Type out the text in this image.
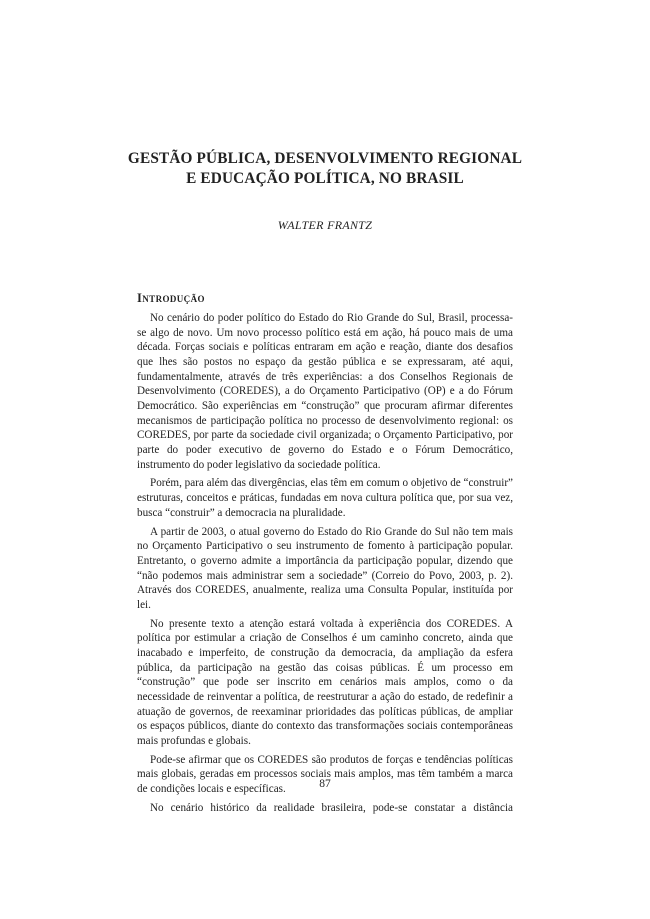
GESTÃO PÚBLICA, DESENVOLVIMENTO REGIONAL
E EDUCAÇÃO POLÍTICA, NO BRASIL
WALTER FRANTZ
Introdução

No cenário do poder político do Estado do Rio Grande do Sul, Brasil, processa-se algo de novo. Um novo processo político está em ação, há pouco mais de uma década. Forças sociais e políticas entraram em ação e reação, diante dos desafios que lhes são postos no espaço da gestão pública e se expressaram, até aqui, fundamentalmente, através de três experiências: a dos Conselhos Regionais de Desenvolvimento (COREDES), a do Orçamento Participativo (OP) e a do Fórum Democrático. São experiências em “construção” que procuram afirmar diferentes mecanismos de participação política no processo de desenvolvimento regional: os COREDES, por parte da sociedade civil organizada; o Orçamento Participativo, por parte do poder executivo de governo do Estado e o Fórum Democrático, instrumento do poder legislativo da sociedade política.

Porém, para além das divergências, elas têm em comum o objetivo de “construir” estruturas, conceitos e práticas, fundadas em nova cultura política que, por sua vez, busca “construir” a democracia na pluralidade.

A partir de 2003, o atual governo do Estado do Rio Grande do Sul não tem mais no Orçamento Participativo o seu instrumento de fomento à participação popular. Entretanto, o governo admite a importância da participação popular, dizendo que “não podemos mais administrar sem a sociedade” (Correio do Povo, 2003, p. 2). Através dos COREDES, anualmente, realiza uma Consulta Popular, instituída por lei.

No presente texto a atenção estará voltada à experiência dos COREDES. A política por estimular a criação de Conselhos é um caminho concreto, ainda que inacabado e imperfeito, de construção da democracia, da ampliação da esfera pública, da participação na gestão das coisas públicas. É um processo em “construção” que pode ser inscrito em cenários mais amplos, como o da necessidade de reinventar a política, de reestruturar a ação do estado, de redefinir a atuação de governos, de reexaminar prioridades das políticas públicas, de ampliar os espaços públicos, diante do contexto das transformações sociais contemporâneas mais profundas e globais.

Pode-se afirmar que os COREDES são produtos de forças e tendências políticas mais globais, geradas em processos sociais mais amplos, mas têm também a marca de condições locais e específicas.

No cenário histórico da realidade brasileira, pode-se constatar a distância

87
